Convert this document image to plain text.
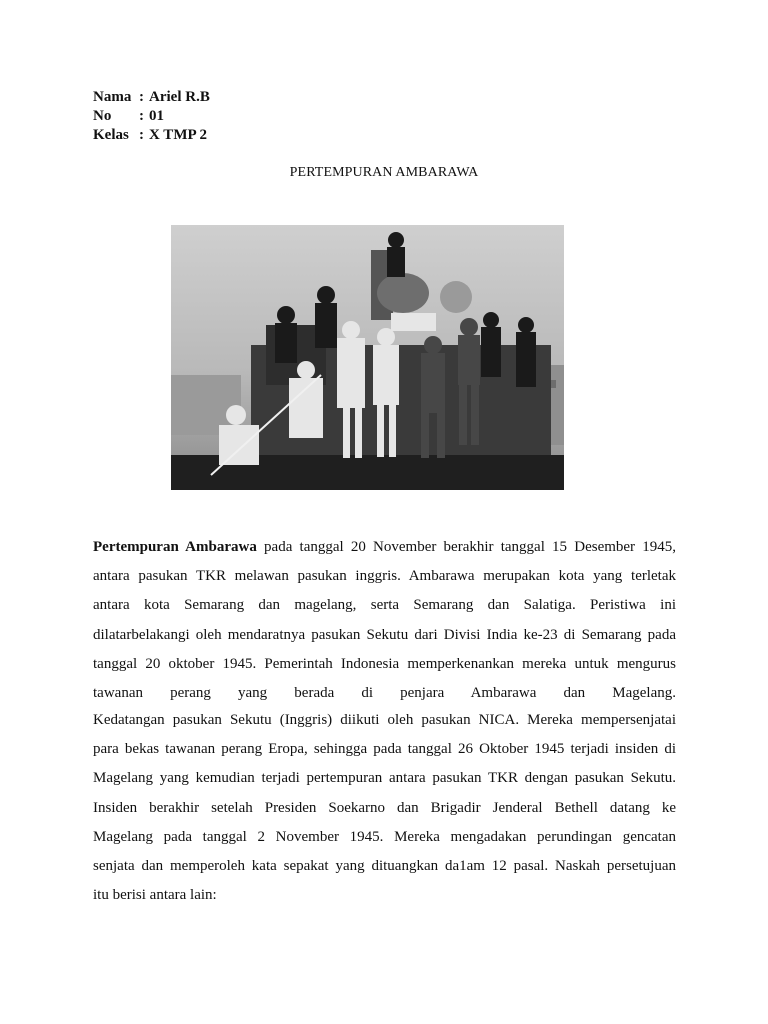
Nama : Ariel R.B
No	: 01
Kelas : X TMP 2
PERTEMPURAN AMBARAWA
Pertempuran Ambarawa pada tanggal 20 November berakhir tanggal 15 Desember 1945,
antara pasukan TKR melawan pasukan inggris. Ambarawa merupakan kota yang terletak
antara kota Semarang dan magelang, serta Semarang dan Salatiga. Peristiwa ini
dilatarbelakangi oleh mendaratnya pasukan Sekutu dari Divisi India ke-23 di Semarang pada
tanggal 20 oktober 1945. Pemerintah Indonesia memperkenankan mereka untuk mengurus
tawanan perang yang berada di penjara Ambarawa dan Magelang.
Kedatangan pasukan Sekutu (Inggris) diikuti oleh pasukan NICA. Mereka mempersenjatai
para bekas tawanan perang Eropa, sehingga pada tanggal 26 Oktober 1945 terjadi insiden di
Magelang yang kemudian terjadi pertempuran antara pasukan TKR dengan pasukan Sekutu.
Insiden berakhir setelah Presiden Soekarno dan Brigadir Jenderal Bethell datang ke
Magelang pada tanggal 2 November 1945. Mereka mengadakan perundingan gencatan
senjata dan memperoleh kata sepakat yang dituangkan da1am 12 pasal. Naskah persetujuan
itu berisi antara lain:
